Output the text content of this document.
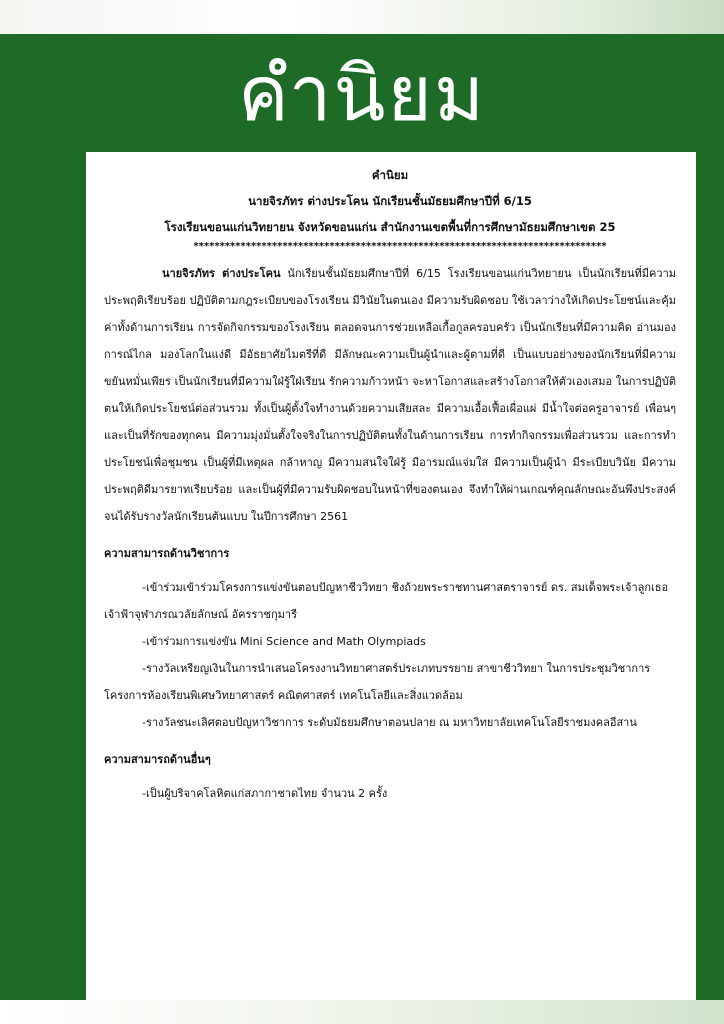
คำนิยม
คำนิยม
นายจิรภัทร ต่างประโคน นักเรียนชั้นมัธยมศึกษาปีที่ 6/15
โรงเรียนขอนแก่นวิทยายน จังหวัดขอนแก่น สำนักงานเขตพื้นที่การศึกษามัธยมศึกษาเขต 25
*******************************************************************************

นายจิรภัทร ต่างประโคน นักเรียนชั้นมัธยมศึกษาปีที่ 6/15 โรงเรียนขอนแก่นวิทยายน เป็นนักเรียนที่มีความประพฤติเรียบร้อย ปฏิบัติตามกฎระเบียบของโรงเรียน มีวินัยในตนเอง มีความรับผิดชอบ ใช้เวลาว่างให้เกิดประโยชน์และคุ้มค่าทั้งด้านการเรียน การจัดกิจกรรมของโรงเรียน ตลอดจนการช่วยเหลือเกื้อกูลครอบครัว เป็นนักเรียนที่มีความคิด อ่านมองการณ์ไกล มองโลกในแง่ดี มีอัธยาศัยไมตรีที่ดี มีลักษณะความเป็นผู้นำและผู้ตามที่ดี เป็นแบบอย่างของนักเรียนที่มีความขยันหมั่นเพียร เป็นนักเรียนที่มีความใฝ่รู้ใฝ่เรียน รักความก้าวหน้า จะหาโอกาสและสร้างโอกาสให้ตัวเองเสมอ ในการปฏิบัติตนให้เกิดประโยชน์ต่อส่วนรวม ทั้งเป็นผู้ตั้งใจทำงานด้วยความเสียสละ มีความเอื้อเฟื้อเผื่อแผ่ มีน้ำใจต่อครูอาจารย์ เพื่อนๆ และเป็นที่รักของทุกคน มีความมุ่งมั่นตั้งใจจริงในการปฏิบัติตนทั้งในด้านการเรียน การทำกิจกรรมเพื่อส่วนรวม และการทำประโยชน์เพื่อชุมชน เป็นผู้ที่มีเหตุผล กล้าหาญ มีความสนใจใฝ่รู้ มีอารมณ์แจ่มใส มีความเป็นผู้นำ มีระเบียบวินัย มีความประพฤติดีมารยาทเรียบร้อย และเป็นผู้ที่มีความรับผิดชอบในหน้าที่ของตนเอง จึงทำให้ผ่านเกณฑ์คุณลักษณะอันพึงประสงค์จนได้รับรางวัลนักเรียนต้นแบบ ในปีการศึกษา 2561

ความสามารถด้านวิชาการ

-เข้าร่วมเข้าร่วมโครงการแข่งขันตอบปัญหาชีววิทยา ชิงถ้วยพระราชทานศาสตราจารย์ ดร. สมเด็จพระเจ้าลูกเธอ เจ้าฟ้าจุฬาภรณวลัยลักษณ์ อัครราชกุมารี

-เข้าร่วมการแข่งขัน Mini Science and Math Olympiads

-รางวัลเหรียญเงินในการนำเสนอโครงงานวิทยาศาสตร์ประเภทบรรยาย สาขาชีววิทยา ในการประชุมวิชาการโครงการห้องเรียนพิเศษวิทยาศาสตร์ คณิตศาสตร์ เทคโนโลยีและสิ่งแวดล้อม

-รางวัลชนะเลิศตอบปัญหาวิชาการ ระดับมัธยมศึกษาตอนปลาย ณ มหาวิทยาลัยเทคโนโลยีราชมงคลอีสาน

ความสามารถด้านอื่นๆ

-เป็นผู้บริจาคโลหิตแก่สภากาชาดไทย จำนวน 2 ครั้ง
